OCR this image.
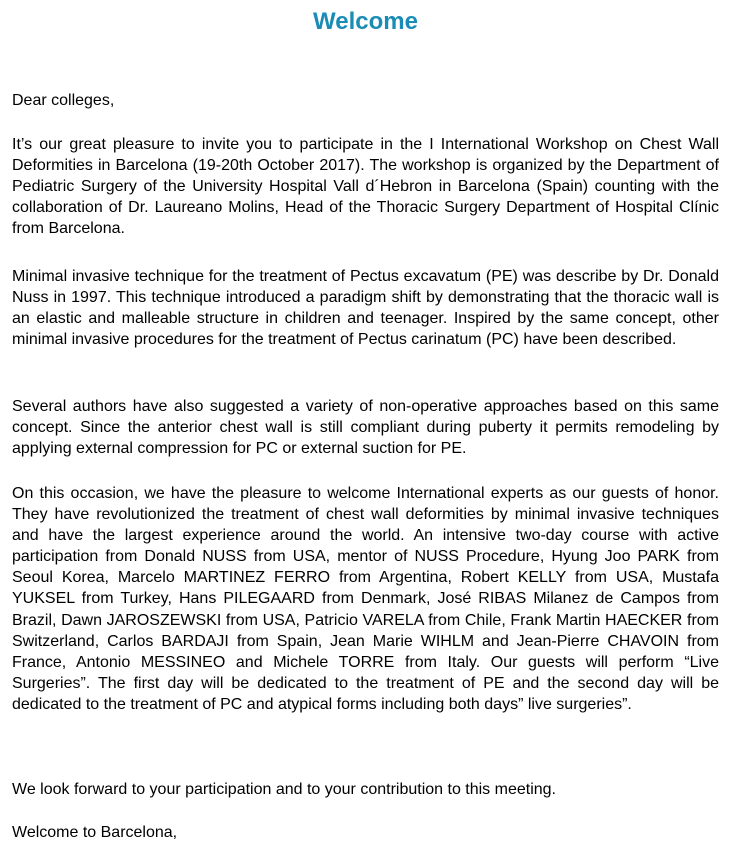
Welcome

Dear colleges,

It’s our great pleasure to invite you to participate in the I International Workshop on Chest Wall Deformities in Barcelona (19-20th October 2017). The workshop is organized by the Department of Pediatric Surgery of the University Hospital Vall d´Hebron in Barcelona (Spain) counting with the collaboration of Dr. Laureano Molins, Head of the Thoracic Surgery Department of Hospital Clínic from Barcelona.

Minimal invasive technique for the treatment of Pectus excavatum (PE) was describe by Dr. Donald Nuss in 1997. This technique introduced a paradigm shift by demonstrating that the thoracic wall is an elastic and malleable structure in children and teenager. Inspired by the same concept, other minimal invasive procedures for the treatment of Pectus carinatum (PC) have been described.

Several authors have also suggested a variety of non-operative approaches based on this same concept. Since the anterior chest wall is still compliant during puberty it permits remodeling by applying external compression for PC or external suction for PE.

On this occasion, we have the pleasure to welcome International experts as our guests of honor. They have revolutionized the treatment of chest wall deformities by minimal invasive techniques and have the largest experience around the world. An intensive two-day course with active participation from Donald NUSS from USA, mentor of NUSS Procedure, Hyung Joo PARK from Seoul Korea, Marcelo MARTINEZ FERRO from Argentina, Robert KELLY from USA, Mustafa YUKSEL from Turkey, Hans PILEGAARD from Denmark, José RIBAS Milanez de Campos from Brazil, Dawn JAROSZEWSKI from USA, Patricio VARELA from Chile, Frank Martin HAECKER from Switzerland, Carlos BARDAJI from Spain, Jean Marie WIHLM and Jean-Pierre CHAVOIN from France, Antonio MESSINEO and Michele TORRE from Italy. Our guests will perform “Live Surgeries”. The first day will be dedicated to the treatment of PE and the second day will be dedicated to the treatment of PC and atypical forms including both days” live surgeries”.

We look forward to your participation and to your contribution to this meeting.

Welcome to Barcelona,
